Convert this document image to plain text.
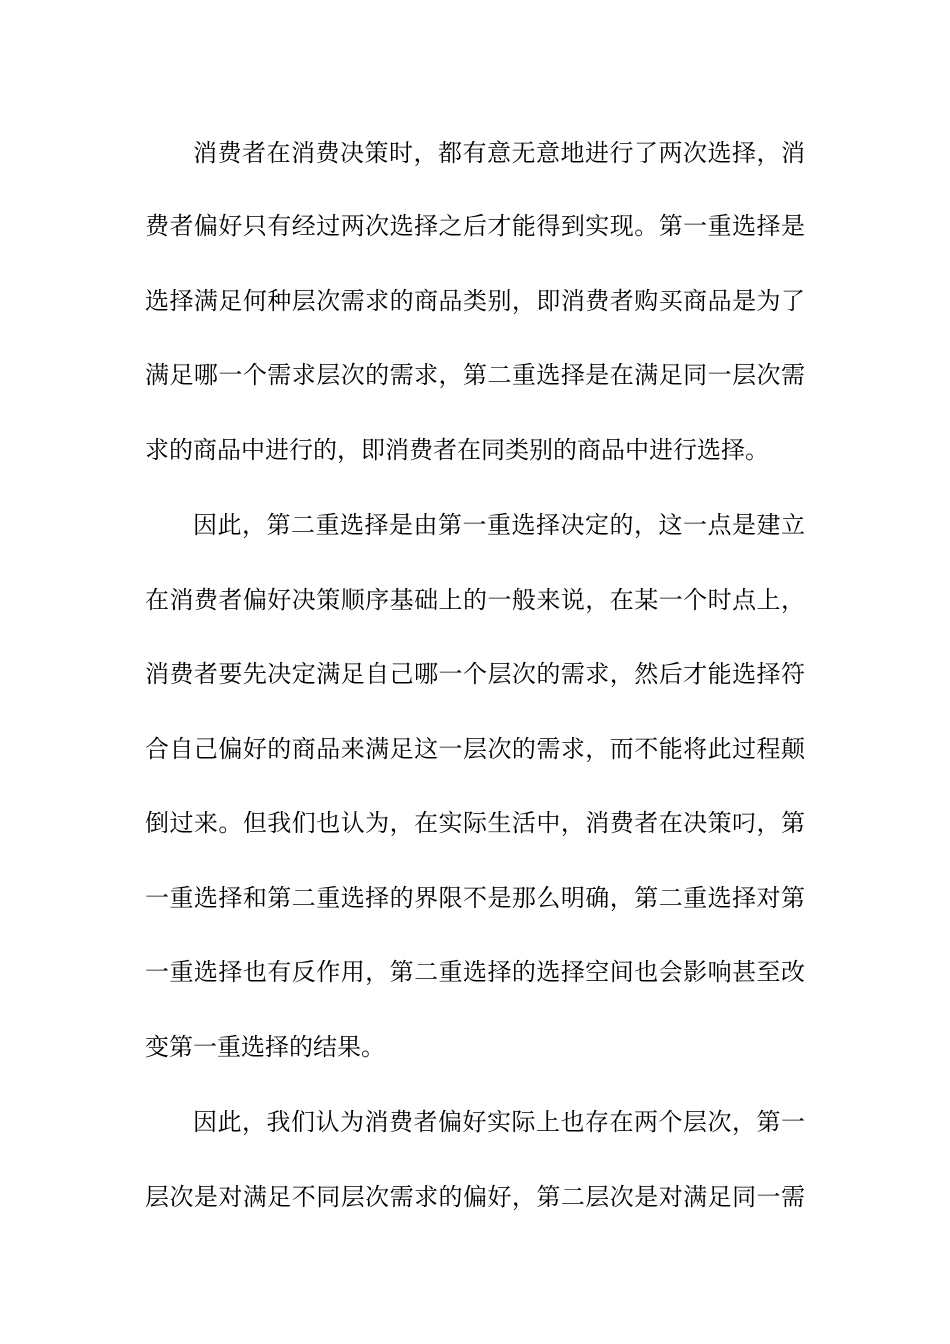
消费者在消费决策时，都有意无意地进行了两次选择，消
费者偏好只有经过两次选择之后才能得到实现。第一重选择是
选择满足何种层次需求的商品类别，即消费者购买商品是为了
满足哪一个需求层次的需求，第二重选择是在满足同一层次需
求的商品中进行的，即消费者在同类别的商品中进行选择。
因此，第二重选择是由第一重选择决定的，这一点是建立
在消费者偏好决策顺序基础上的一般来说，在某一个时点上，
消费者要先决定满足自己哪一个层次的需求，然后才能选择符
合自己偏好的商品来满足这一层次的需求，而不能将此过程颠
倒过来。但我们也认为，在实际生活中，消费者在决策叼，第
一重选择和第二重选择的界限不是那么明确，第二重选择对第
一重选择也有反作用，第二重选择的选择空间也会影响甚至改
变第一重选择的结果。
因此，我们认为消费者偏好实际上也存在两个层次，第一
层次是对满足不同层次需求的偏好，第二层次是对满足同一需
